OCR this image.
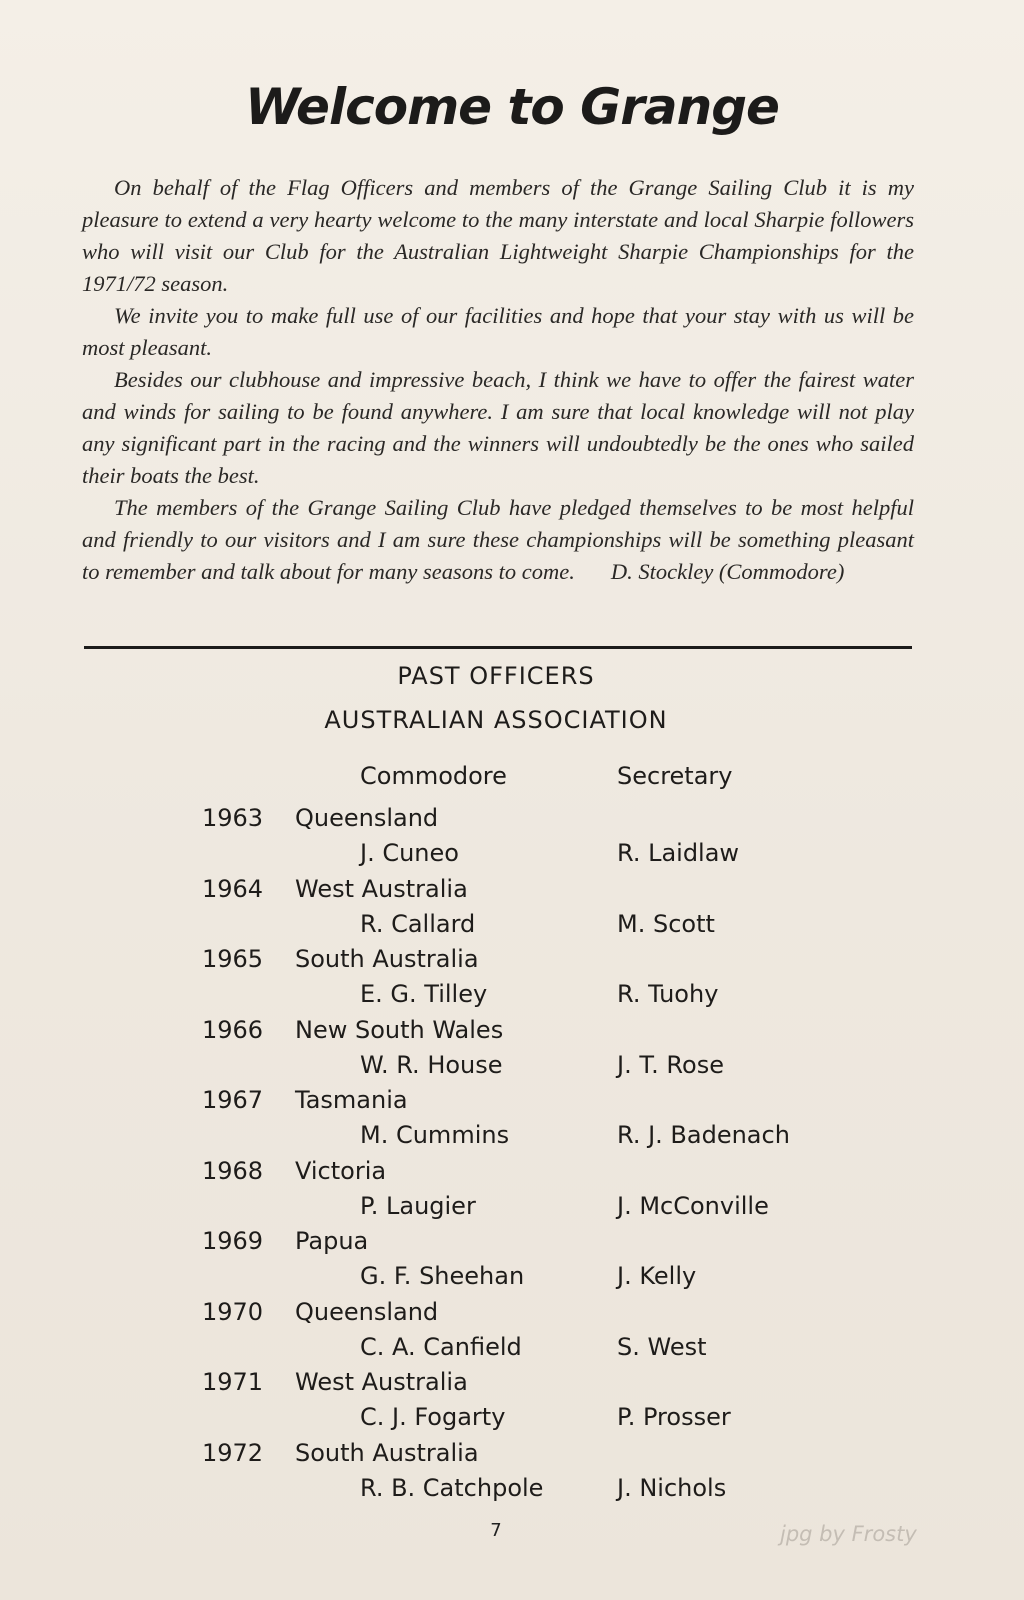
Welcome to Grange

On behalf of the Flag Officers and members of the Grange Sailing Club it is my pleasure to extend a very hearty welcome to the many interstate and local Sharpie followers who will visit our Club for the Australian Lightweight Sharpie Championships for the 1971/72 season.

We invite you to make full use of our facilities and hope that your stay with us will be most pleasant.

Besides our clubhouse and impressive beach, I think we have to offer the fairest water and winds for sailing to be found anywhere. I am sure that local knowledge will not play any significant part in the racing and the winners will undoubtedly be the ones who sailed their boats the best.

The members of the Grange Sailing Club have pledged themselves to be most helpful and friendly to our visitors and I am sure these championships will be something pleasant to remember and talk about for many seasons to come. D. Stockley (Commodore)

PAST OFFICERS
AUSTRALIAN ASSOCIATION
Commodore	Secretary
1963 Queensland
J. Cuneo	R. Laidlaw
1964 West Australia
R. Callard	M. Scott
1965 South Australia
E. G. Tilley	R. Tuohy
1966 New South Wales
W. R. House	J. T. Rose
1967 Tasmania
M. Cummins	R. J. Badenach
1968 Victoria
P. Laugier	J. McConville
1969 Papua
G. F. Sheehan	J. Kelly
1970 Queensland
C. A. Canfield	S. West
1971 West Australia
C. J. Fogarty	P. Prosser
1972 South Australia
R. B. Catchpole	J. Nichols
7	jpg by Frosty
